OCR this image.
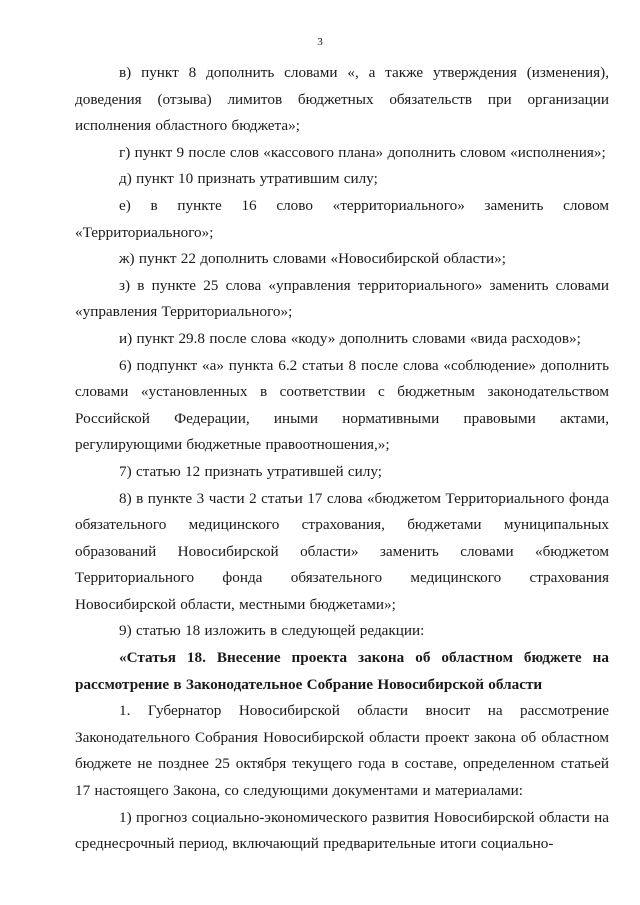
3

в) пункт 8 дополнить словами «, а также утверждения (изменения), доведения (отзыва) лимитов бюджетных обязательств при организации исполнения областного бюджета»;

г) пункт 9 после слов «кассового плана» дополнить словом «исполнения»;

д) пункт 10 признать утратившим силу;

е) в пункте 16 слово «территориального» заменить словом «Территориального»;

ж) пункт 22 дополнить словами «Новосибирской области»;

з) в пункте 25 слова «управления территориального» заменить словами «управления Территориального»;

и) пункт 29.8 после слова «коду» дополнить словами «вида расходов»;

6) подпункт «а» пункта 6.2 статьи 8 после слова «соблюдение» дополнить словами «установленных в соответствии с бюджетным законодательством Российской Федерации, иными нормативными правовыми актами, регулирующими бюджетные правоотношения,»;

7) статью 12 признать утратившей силу;

8) в пункте 3 части 2 статьи 17 слова «бюджетом Территориального фонда обязательного медицинского страхования, бюджетами муниципальных образований Новосибирской области» заменить словами «бюджетом Территориального фонда обязательного медицинского страхования Новосибирской области, местными бюджетами»;

9) статью 18 изложить в следующей редакции:

«Статья 18. Внесение проекта закона об областном бюджете на рассмотрение в Законодательное Собрание Новосибирской области

1. Губернатор Новосибирской области вносит на рассмотрение Законодательного Собрания Новосибирской области проект закона об областном бюджете не позднее 25 октября текущего года в составе, определенном статьей 17 настоящего Закона, со следующими документами и материалами:

1) прогноз социально-экономического развития Новосибирской области на среднесрочный период, включающий предварительные итоги социально-
